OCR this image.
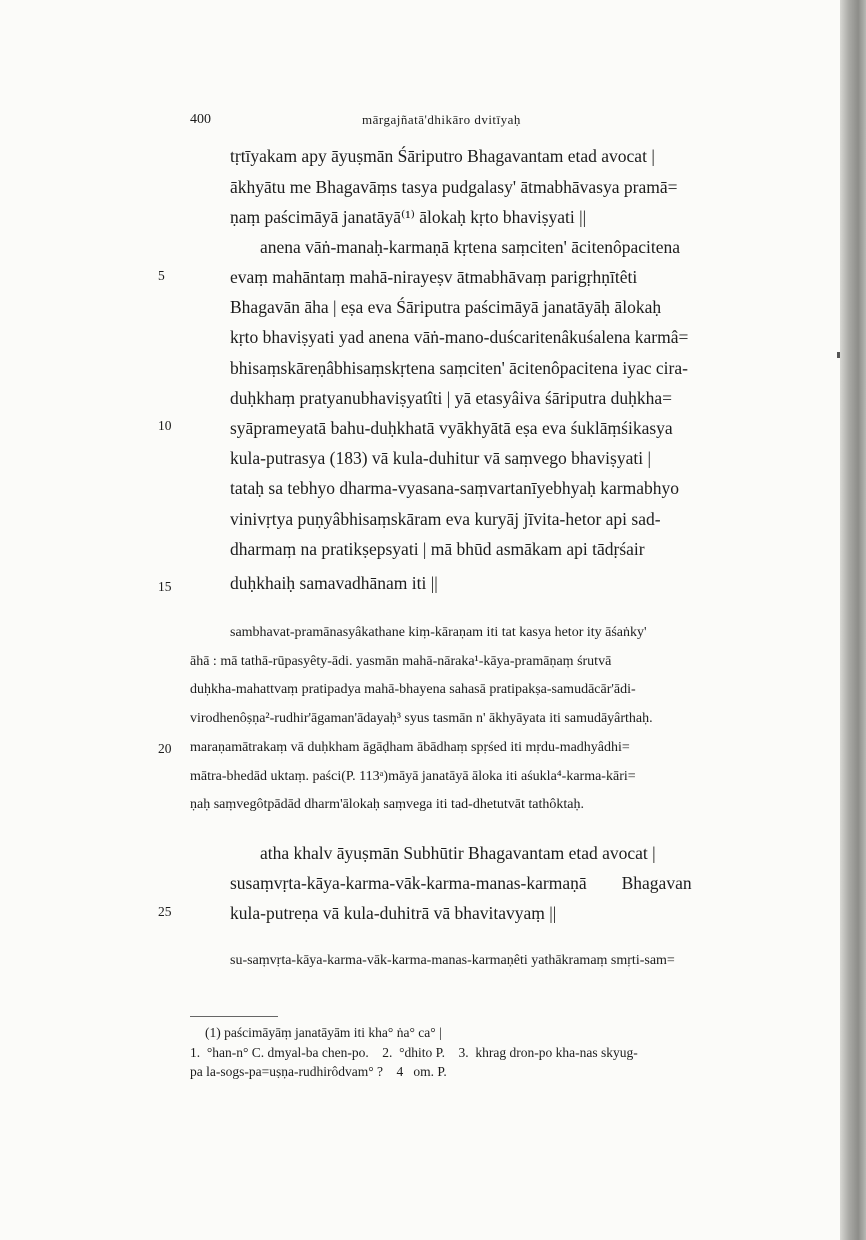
400	mārgajñatā'dhikāro dvitīyaḥ
5
10
15
20
25
tṛtīyakam apy āyuṣmān Śāriputro Bhagavantam etad avocat |
ākhyātu me Bhagavāṃs tasya pudgalasy' ātmabhāvasya pramā=
ṇaṃ paścimāyā janatāyā⁽¹⁾ ālokaḥ kṛto bhaviṣyati ||
anena vāṅ-manaḥ-karmaṇā kṛtena saṃciten' ācitenôpacitena
evaṃ mahāntaṃ mahā-nirayeṣv ātmabhāvaṃ parigṛhṇītêti
Bhagavān āha | eṣa eva Śāriputra paścimāyā janatāyāḥ ālokaḥ
kṛto bhaviṣyati yad anena vāṅ-mano-duścaritenâkuśalena karmâ=
bhisaṃskāreṇâbhisaṃskṛtena saṃciten' ācitenôpacitena iyac cira-
duḥkhaṃ pratyanubhaviṣyatîti | yā etasyâiva śāriputra duḥkha=
syāprameyatā bahu-duḥkhatā vyākhyātā eṣa eva śuklāṃśikasya
kula-putrasya (183) vā kula-duhitur vā saṃvego bhaviṣyati |
tataḥ sa tebhyo dharma-vyasana-saṃvartanīyebhyaḥ karmabhyo
vinivṛtya puṇyâbhisaṃskāram eva kuryāj jīvita-hetor api sad-
dharmaṃ na pratikṣepsyati | mā bhūd asmākam api tādṛśair
duḥkhaiḥ samavadhānam iti ||
sambhavat-pramānasyâkathane kiṃ-kāraṇam iti tat kasya hetor ity āśaṅky'
āhā : mā tathā-rūpasyêty-ādi. yasmān mahā-nāraka¹-kāya-pramāṇaṃ śrutvā
duḥkha-mahattvaṃ pratipadya mahā-bhayena sahasā pratipakṣa-samudācār'ādi-
virodhenôṣṇa²-rudhir'āgaman'ādayaḥ³ syus tasmān n' ākhyāyata iti samudāyârthaḥ.
maraṇamātrakaṃ vā duḥkham āgāḍham ābādhaṃ spṛśed iti mṛdu-madhyâdhi=
mātra-bhedād uktaṃ. paści(P. 113ᵃ)māyā janatāyā āloka iti aśukla⁴-karma-kāri=
ṇaḥ saṃvegôtpādād dharm'ālokaḥ saṃvega iti tad-dhetutvāt tathôktaḥ.
atha khalv āyuṣmān Subhūtir Bhagavantam etad avocat |
susaṃvṛta-kāya-karma-vāk-karma-manas-karmaṇā        Bhagavan
kula-putreṇa vā kula-duhitrā vā bhavitavyaṃ ||
su-saṃvṛta-kāya-karma-vāk-karma-manas-karmaṇêti yathākramaṃ smṛti-sam=
(1) paścimāyāṃ janatāyām iti kha° ṅa° ca° |
1.  °han-n° C. dmyal-ba chen-po.    2.  °dhito P.    3.  khrag dron-po kha-nas skyug-
pa la-sogs-pa=uṣṇa-rudhirôdvam° ?    4   om. P.
